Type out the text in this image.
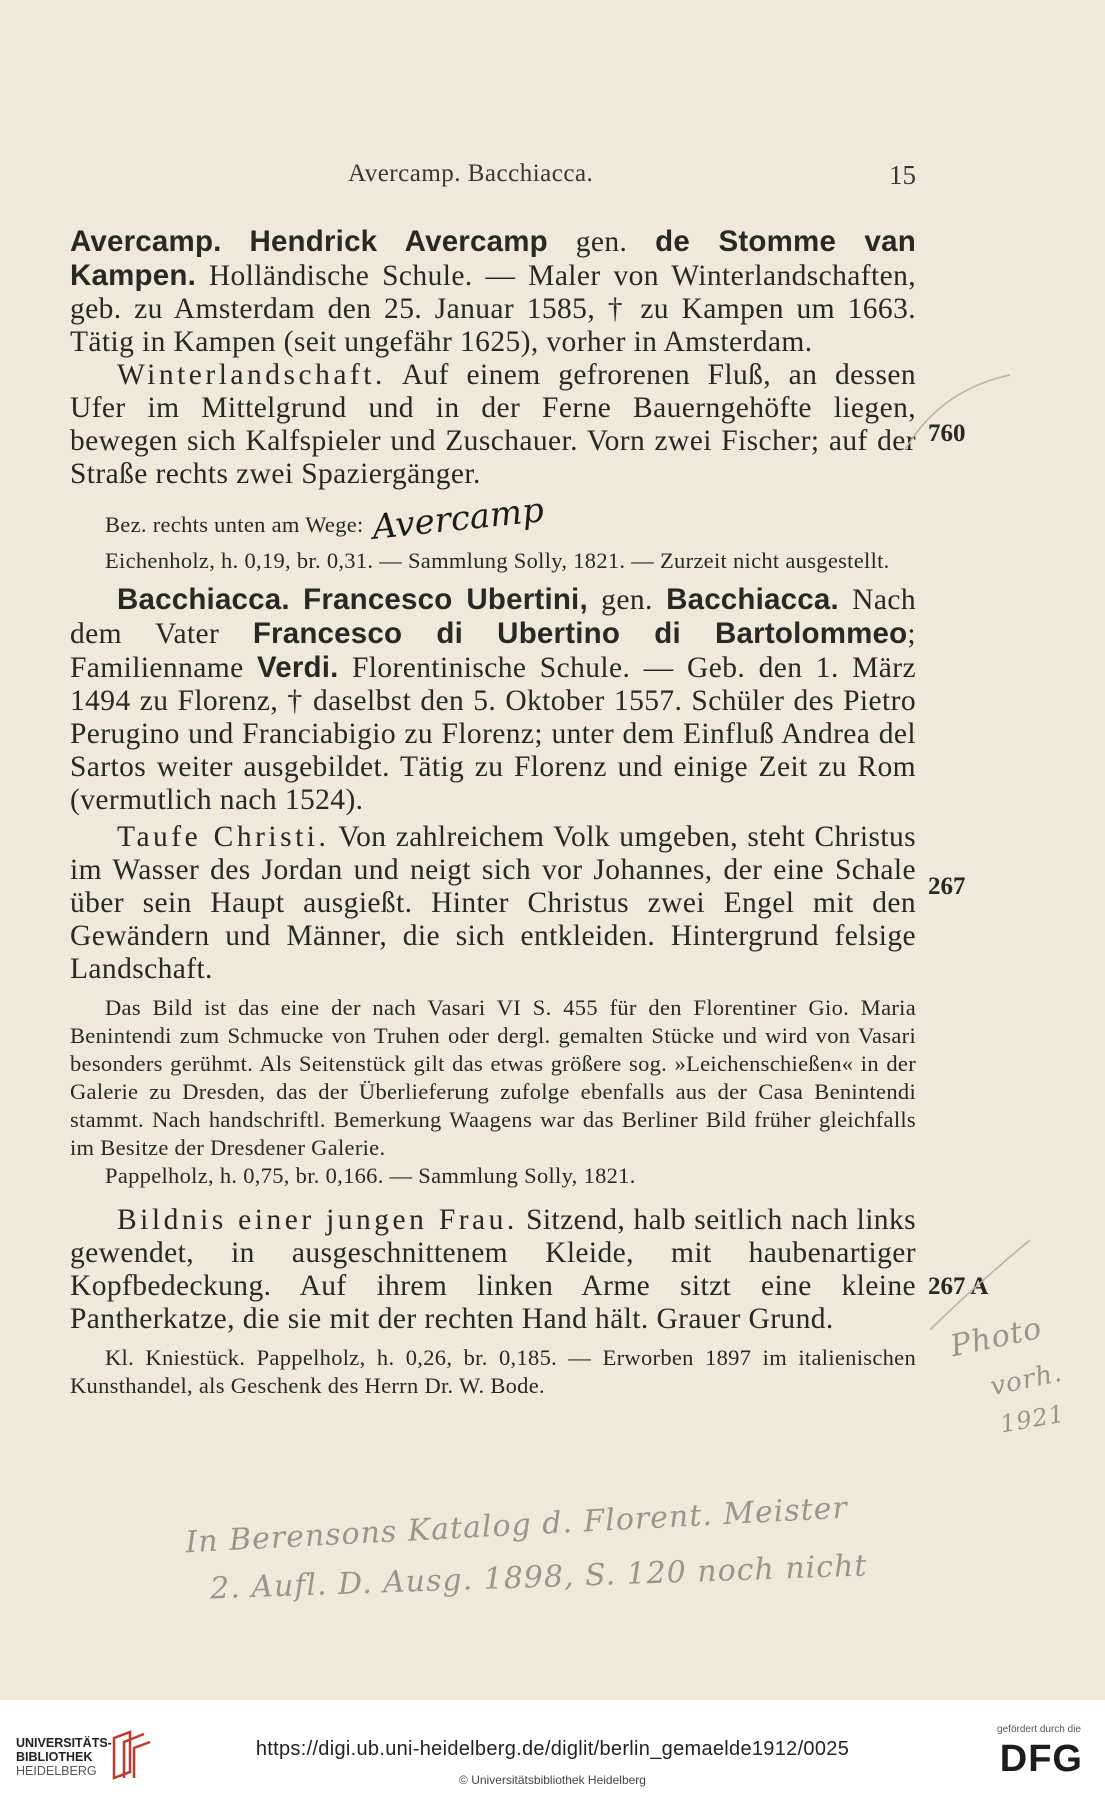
Avercamp. Bacchiacca.	15

Avercamp. Hendrick Avercamp gen. de Stomme van Kampen. Holländische Schule. — Maler von Winterlandschaften, geb. zu Amsterdam den 25. Januar 1585, † zu Kampen um 1663. Tätig in Kampen (seit ungefähr 1625), vorher in Amsterdam.

Winterlandschaft. Auf einem gefrorenen Fluß, an dessen Ufer im Mittelgrund und in der Ferne Bauerngehöfte liegen, bewegen sich Kalfspieler und Zuschauer. Vorn zwei Fischer; auf der Straße rechts zwei Spaziergänger.

Bez. rechts unten am Wege: Avercamp

Eichenholz, h. 0,19, br. 0,31. — Sammlung Solly, 1821. — Zurzeit nicht ausgestellt.

Bacchiacca. Francesco Ubertini, gen. Bacchiacca. Nach dem Vater Francesco di Ubertino di Bartolommeo; Familienname Verdi. Florentinische Schule. — Geb. den 1. März 1494 zu Florenz, † daselbst den 5. Oktober 1557. Schüler des Pietro Perugino und Franciabigio zu Florenz; unter dem Einfluß Andrea del Sartos weiter ausgebildet. Tätig zu Florenz und einige Zeit zu Rom (vermutlich nach 1524).

Taufe Christi. Von zahlreichem Volk umgeben, steht Christus im Wasser des Jordan und neigt sich vor Johannes, der eine Schale über sein Haupt ausgießt. Hinter Christus zwei Engel mit den Gewändern und Männer, die sich entkleiden. Hintergrund felsige Landschaft.

Das Bild ist das eine der nach Vasari VI S. 455 für den Florentiner Gio. Maria Benintendi zum Schmucke von Truhen oder dergl. gemalten Stücke und wird von Vasari besonders gerühmt. Als Seitenstück gilt das etwas größere sog. »Leichenschießen« in der Galerie zu Dresden, das der Überlieferung zufolge ebenfalls aus der Casa Benintendi stammt. Nach handschriftl. Bemerkung Waagens war das Berliner Bild früher gleichfalls im Besitze der Dresdener Galerie.

Pappelholz, h. 0,75, br. 0,166. — Sammlung Solly, 1821.

Bildnis einer jungen Frau. Sitzend, halb seitlich nach links gewendet, in ausgeschnittenem Kleide, mit haubenartiger Kopfbedeckung. Auf ihrem linken Arme sitzt eine kleine Pantherkatze, die sie mit der rechten Hand hält. Grauer Grund.

Kl. Kniestück. Pappelholz, h. 0,26, br. 0,185. — Erworben 1897 im italienischen Kunsthandel, als Geschenk des Herrn Dr. W. Bode.

760
267
267 A
Photo
vorh.
1921
In Berensons Katalog d. Florent. Meister
2. Aufl. D. Ausg. 1898, S. 120 noch nicht
UNIVERSITÄTS-
BIBLIOTHEK
HEIDELBERG
https://digi.ub.uni-heidelberg.de/diglit/berlin_gemaelde1912/0025
© Universitätsbibliothek Heidelberg
gefördert durch die
DFG
